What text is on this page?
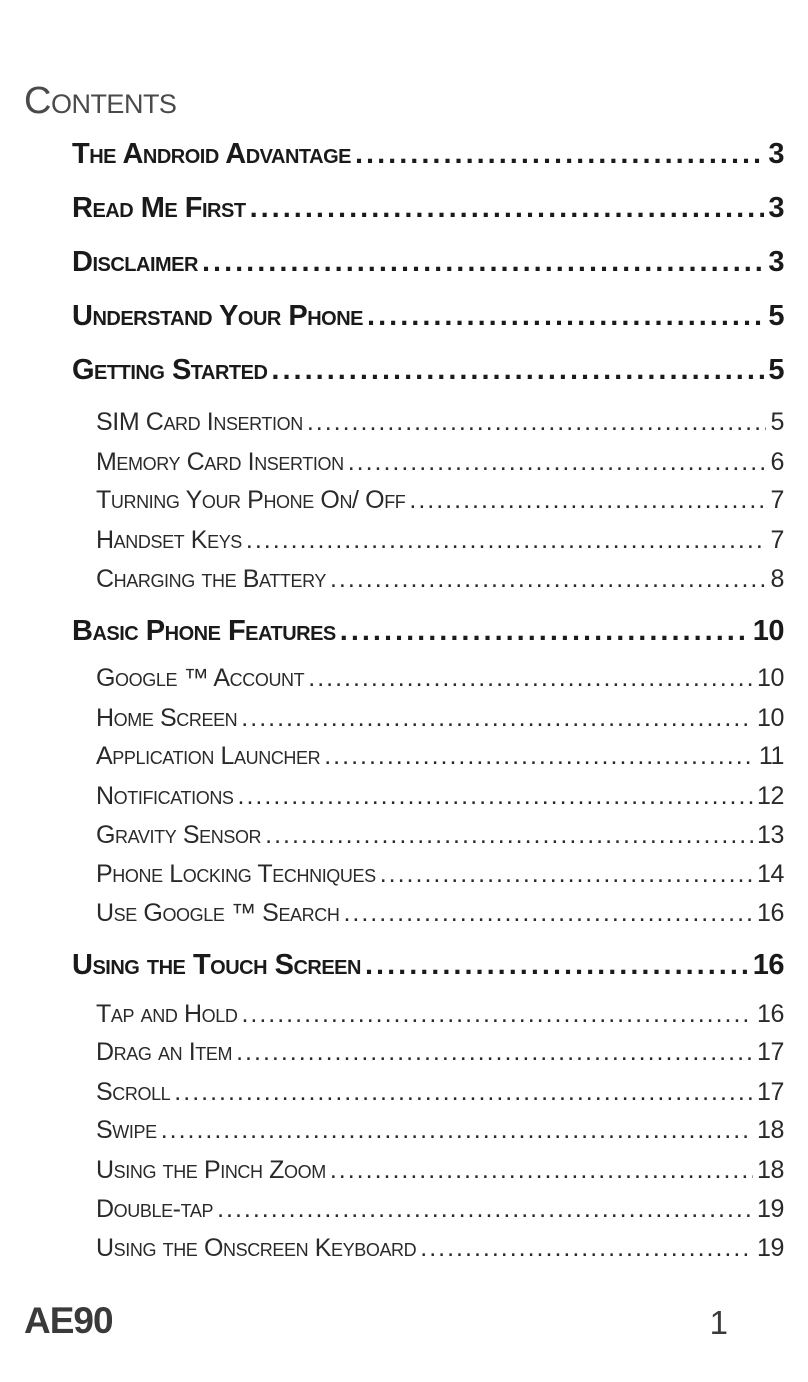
Contents
The Android Advantage .....	3
Read Me First .....	3
Disclaimer .....	3
Understand Your Phone .....	5
Getting Started .....	5
SIM Card Insertion .....	5
Memory Card Insertion .....	6
Turning Your Phone On/ Off .....	7
Handset Keys .....	7
Charging the Battery .....	8
Basic Phone Features .....	10
Google ™ Account .....	10
Home Screen .....	10
Application Launcher .....	11
Notifications .....	12
Gravity Sensor .....	13
Phone Locking Techniques .....	14
Use Google ™ Search .....	16
Using the Touch Screen .....	16
Tap and Hold .....	16
Drag an Item .....	17
Scroll .....	17
Swipe .....	18
Using the Pinch Zoom .....	18
Double-tap .....	19
Using the Onscreen Keyboard .....	19
AE90	1
